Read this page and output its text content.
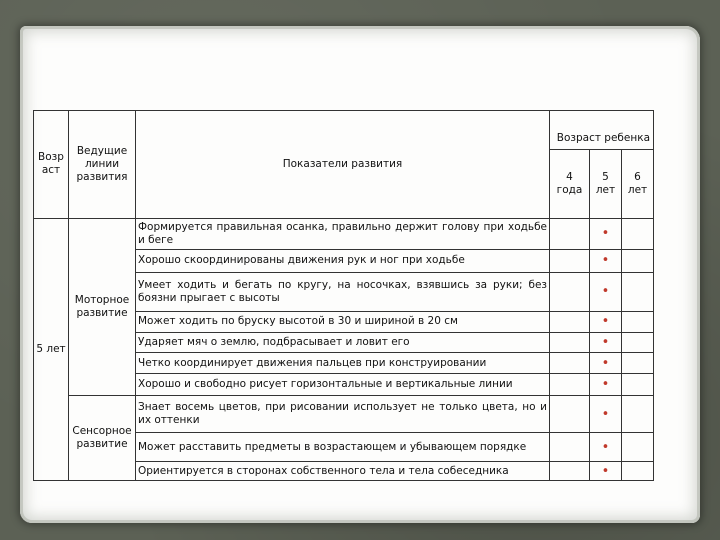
Возр аст	Ведущие линии развития	Показатели развития	Возраст ребенка		
			4 года	5 лет	6 лет
5 лет	Моторное развитие	Формируется правильная осанка, правильно держит голову при ходьбе и беге		•	
		Хорошо скоординированы движения рук и ног при ходьбе		•	
		Умеет ходить и бегать по кругу, на носочках, взявшись за руки; без боязни прыгает с высоты		•	
		Может ходить по бруску высотой в 30 и шириной в 20 см		•	
		Ударяет мяч о землю, подбрасывает и ловит его		•	
		Четко координирует движения пальцев при конструировании		•	
		Хорошо и свободно рисует горизонтальные и вертикальные линии		•	
	Сенсорное развитие	Знает восемь цветов, при рисовании использует не только цвета, но и их оттенки		•	
		Может расставить предметы в возрастающем и убывающем порядке		•	
		Ориентируется в сторонах собственного тела и тела собеседника		•	
